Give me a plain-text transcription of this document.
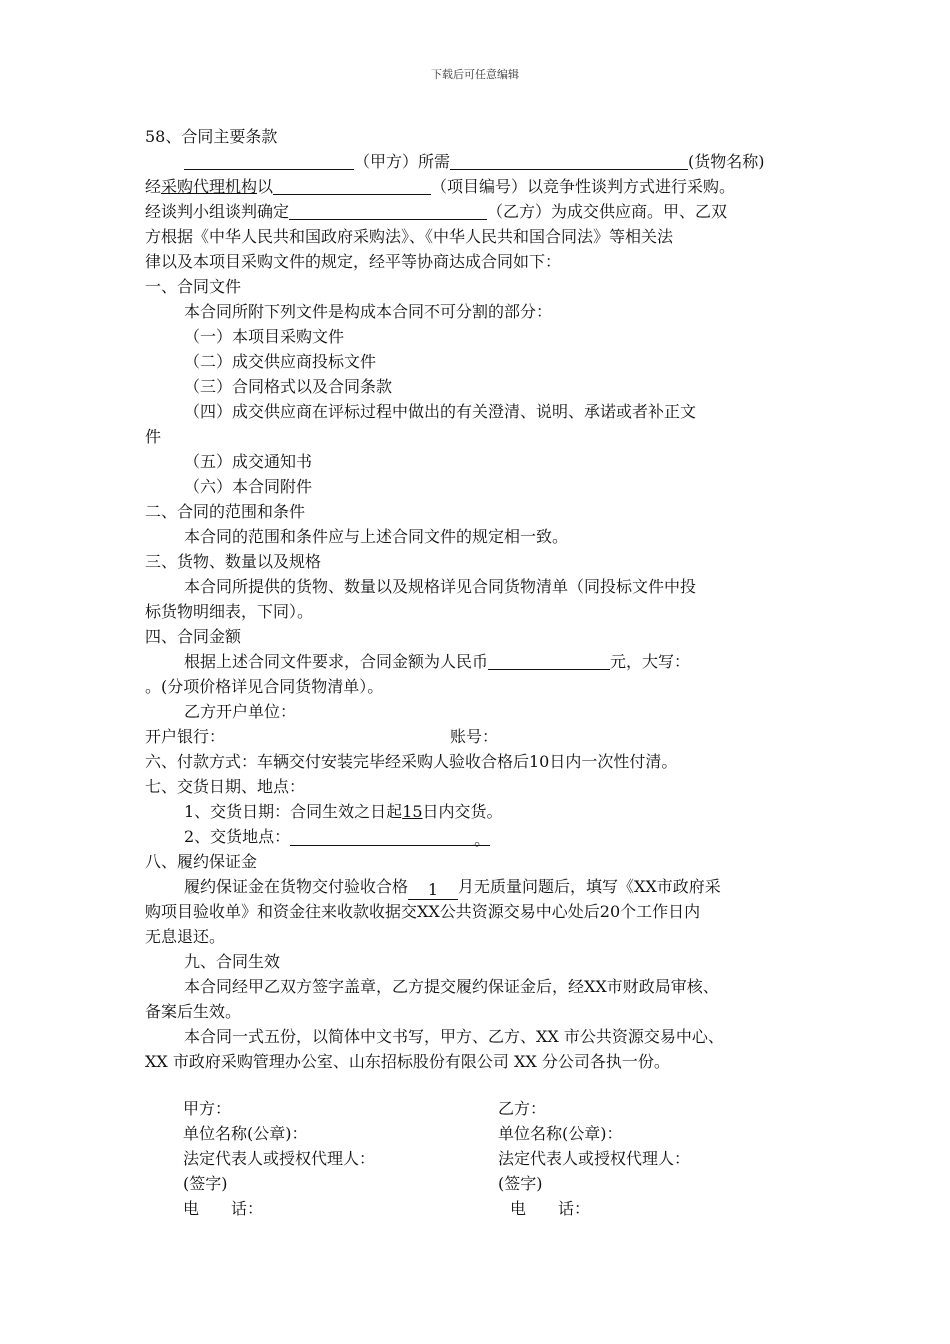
下载后可任意编辑
58、合同主要条款
（甲方）所需	(货物名称)
经采购代理机构以	（项目编号）以竞争性谈判方式进行采购。
经谈判小组谈判确定	（乙方）为成交供应商。甲、乙双
方根据《中华人民共和国政府采购法》、《中华人民共和国合同法》等相关法
律以及本项目采购文件的规定，经平等协商达成合同如下：
一、合同文件
本合同所附下列文件是构成本合同不可分割的部分：
（一）本项目采购文件
（二）成交供应商投标文件
（三）合同格式以及合同条款
（四）成交供应商在评标过程中做出的有关澄清、说明、承诺或者补正文
件
（五）成交通知书
（六）本合同附件
二、合同的范围和条件
本合同的范围和条件应与上述合同文件的规定相一致。
三、货物、数量以及规格
本合同所提供的货物、数量以及规格详见合同货物清单（同投标文件中投
标货物明细表，下同）。
四、合同金额
根据上述合同文件要求，合同金额为人民币	元，大写：
。(分项价格详见合同货物清单）。
乙方开户单位：
开户银行：	账号：
六、付款方式：车辆交付安装完毕经采购人验收合格后10日内一次性付清。
七、交货日期、地点：
1、交货日期：合同生效之日起15日内交货。
2、交货地点：	。
八、履约保证金
履约保证金在货物交付验收合格 1 月无质量问题后，填写《XX市政府采
购项目验收单》和资金往来收款收据交XX公共资源交易中心处后20个工作日内
无息退还。
九、合同生效
本合同经甲乙双方签字盖章，乙方提交履约保证金后，经XX市财政局审核、
备案后生效。
本合同一式五份，以简体中文书写，甲方、乙方、XX 市公共资源交易中心、
XX 市政府采购管理办公室、山东招标股份有限公司 XX 分公司各执一份。
甲方：	乙方：
单位名称(公章)：	单位名称(公章)：
法定代表人或授权代理人：	法定代表人或授权代理人：
(签字)	(签字)
电　　话：	电　　话：
